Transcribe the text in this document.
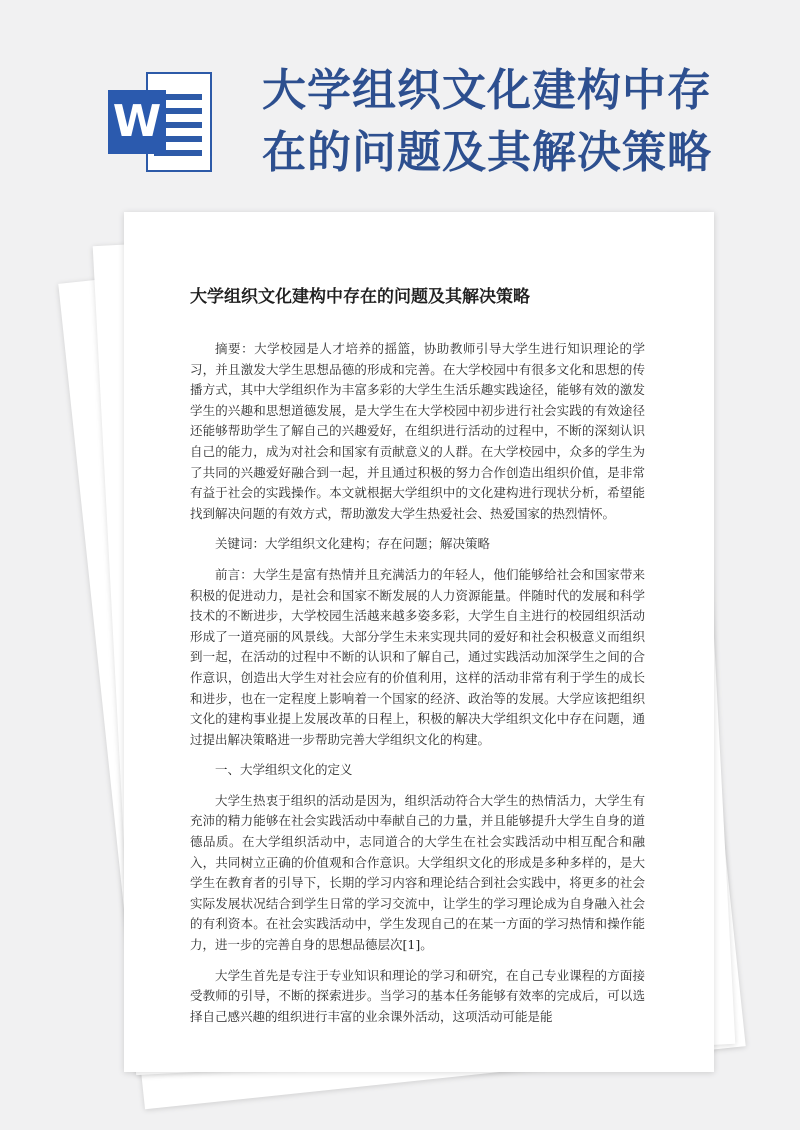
W
大学组织文化建构中存
在的问题及其解决策略
大学组织文化建构中存在的问题及其解决策略

摘要：大学校园是人才培养的摇篮，协助教师引导大学生进行知识理论的学习，并且激发大学生思想品德的形成和完善。在大学校园中有很多文化和思想的传播方式，其中大学组织作为丰富多彩的大学生生活乐趣实践途径，能够有效的激发学生的兴趣和思想道德发展，是大学生在大学校园中初步进行社会实践的有效途径还能够帮助学生了解自己的兴趣爱好，在组织进行活动的过程中，不断的深刻认识自己的能力，成为对社会和国家有贡献意义的人群。在大学校园中，众多的学生为了共同的兴趣爱好融合到一起，并且通过积极的努力合作创造出组织价值，是非常有益于社会的实践操作。本文就根据大学组织中的文化建构进行现状分析，希望能找到解决问题的有效方式，帮助激发大学生热爱社会、热爱国家的热烈情怀。

关键词：大学组织文化建构；存在问题；解决策略

前言：大学生是富有热情并且充满活力的年轻人，他们能够给社会和国家带来积极的促进动力，是社会和国家不断发展的人力资源能量。伴随时代的发展和科学技术的不断进步，大学校园生活越来越多姿多彩，大学生自主进行的校园组织活动形成了一道亮丽的风景线。大部分学生未来实现共同的爱好和社会积极意义而组织到一起，在活动的过程中不断的认识和了解自己，通过实践活动加深学生之间的合作意识，创造出大学生对社会应有的价值利用，这样的活动非常有利于学生的成长和进步，也在一定程度上影响着一个国家的经济、政治等的发展。大学应该把组织文化的建构事业提上发展改革的日程上，积极的解决大学组织文化中存在问题，通过提出解决策略进一步帮助完善大学组织文化的构建。

一、大学组织文化的定义

大学生热衷于组织的活动是因为，组织活动符合大学生的热情活力，大学生有充沛的精力能够在社会实践活动中奉献自己的力量，并且能够提升大学生自身的道德品质。在大学组织活动中，志同道合的大学生在社会实践活动中相互配合和融入，共同树立正确的价值观和合作意识。大学组织文化的形成是多种多样的，是大学生在教育者的引导下，长期的学习内容和理论结合到社会实践中，将更多的社会实际发展状况结合到学生日常的学习交流中，让学生的学习理论成为自身融入社会的有利资本。在社会实践活动中，学生发现自己的在某一方面的学习热情和操作能力，进一步的完善自身的思想品德层次[1]。

大学生首先是专注于专业知识和理论的学习和研究，在自己专业课程的方面接受教师的引导，不断的探索进步。当学习的基本任务能够有效率的完成后，可以选择自己感兴趣的组织进行丰富的业余课外活动，这项活动可能是能
